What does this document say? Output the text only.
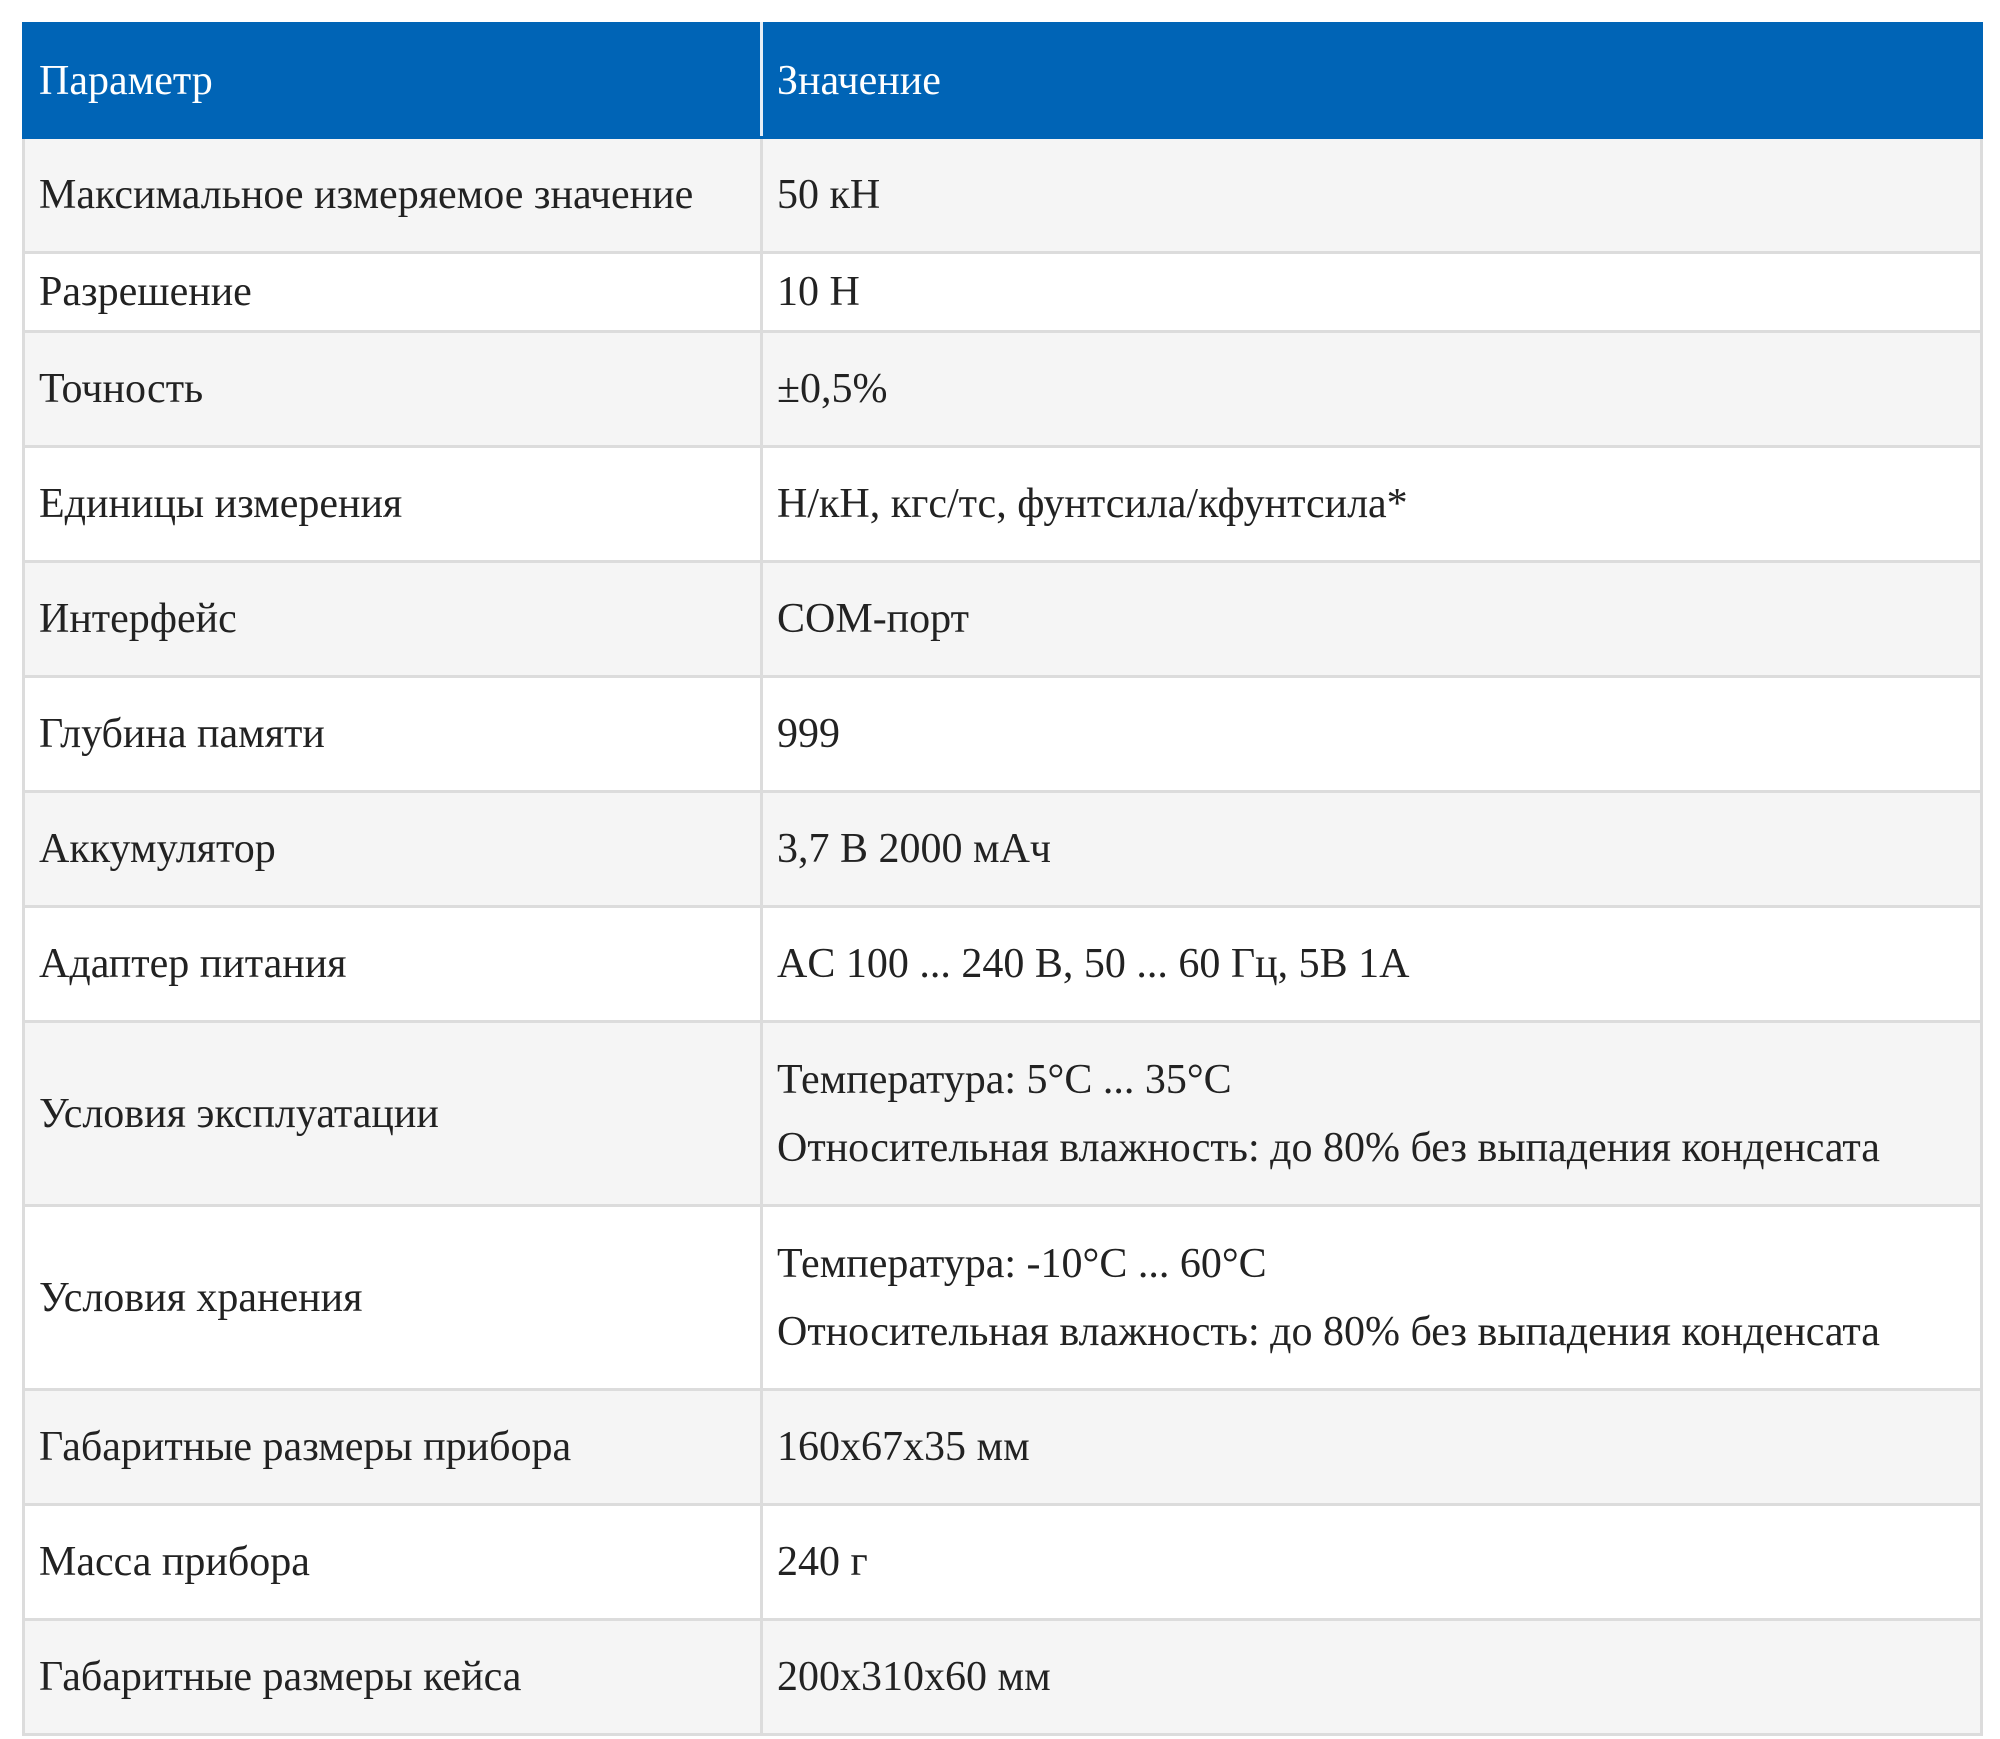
Параметр	Значение
Максимальное измеряемое значение	50 кН
Разрешение	10 Н
Точность	±0,5%
Единицы измерения	Н/кН, кгс/тс, фунтсила/кфунтсила*
Интерфейс	COM-порт
Глубина памяти	999
Аккумулятор	3,7 В 2000 мАч
Адаптер питания	AC 100 ... 240 В, 50 ... 60 Гц, 5В 1А
Условия эксплуатации	Температура: 5°C ... 35°C
Относительная влажность: до 80% без выпадения конденсата

Условия хранения	Температура: -10°C ... 60°C
Относительная влажность: до 80% без выпадения конденсата

Габаритные размеры прибора	160х67х35 мм
Масса прибора	240 г
Габаритные размеры кейса	200х310х60 мм
